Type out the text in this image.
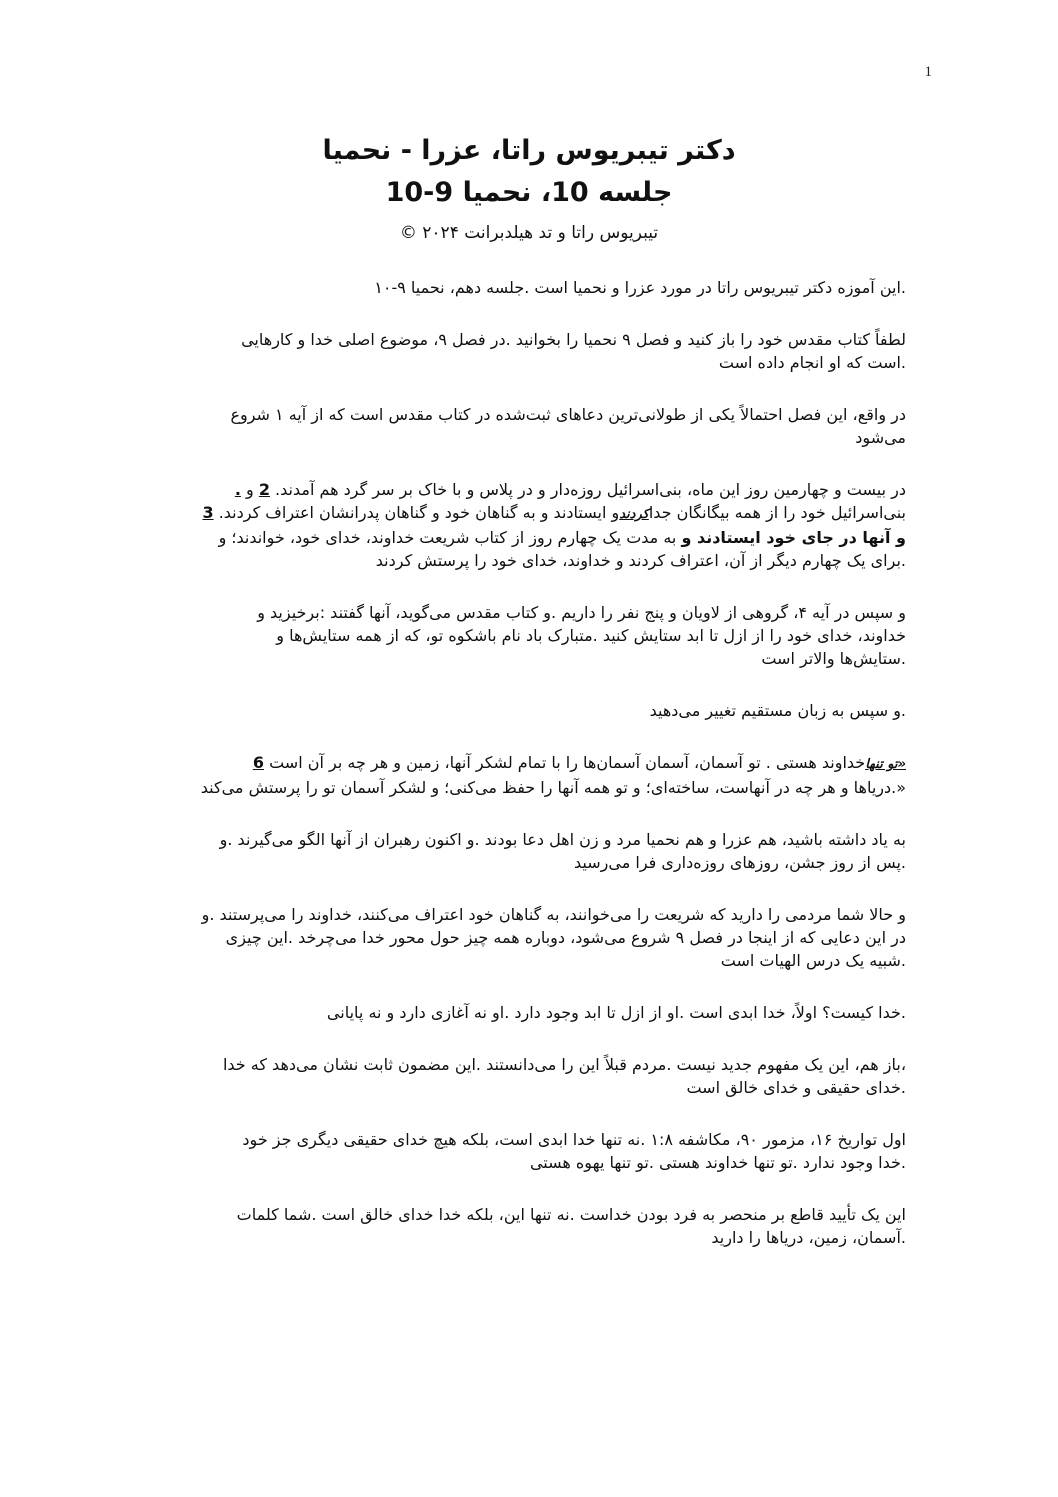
1
دکتر تیبریوس راتا، عزرا - نحمیا
جلسه 10، نحمیا 9-10
تیبریوس راتا و تد هیلدبرانت ۲۰۲۴ ©

.این آموزه دکتر تیبریوس راتا در مورد عزرا و نحمیا است .جلسه دهم، نحمیا ۹-۱۰

لطفاً کتاب مقدس خود را باز کنید و فصل ۹ نحمیا را بخوانید .در فصل ۹، موضوع اصلی خدا و کارهایی
.است که او انجام داده است

در واقع، این فصل احتمالاً یکی از طولانی‌ترین دعاهای ثبت‌شده در کتاب مقدس است که از آیه ۱ شروع
می‌شود

در بیست و چهارمین روز این ماه، بنی‌اسرائیل روزه‌دار و در پلاس و با خاک بر سر گرد هم آمدند. 2 و .
بنی‌اسرائیل خود را از همه بیگانگان جداکردندو ایستادند و به گناهان خود و گناهان پدرانشان اعتراف کردند. 3
و آنها در جای خود ایستادند و به مدت یک چهارم روز از کتاب شریعت خداوند، خدای خود، خواندند؛ و
.برای یک چهارم دیگر از آن، اعتراف کردند و خداوند، خدای خود را پرستش کردند

و سپس در آیه ۴، گروهی از لاویان و پنج نفر را داریم .و کتاب مقدس می‌گوید، آنها گفتند :برخیزید و
خداوند، خدای خود را از ازل تا ابد ستایش کنید .متبارک باد نام باشکوه تو، که از همه ستایش‌ها و
.ستایش‌ها والاتر است

.و سپس به زبان مستقیم تغییر می‌دهید

«تو تنهاخداوند هستی . تو آسمان، آسمان آسمان‌ها را با تمام لشکر آنها، زمین و هر چه بر آن است 6
«.دریاها و هر چه در آنهاست، ساخته‌ای؛ و تو همه آنها را حفظ می‌کنی؛ و لشکر آسمان تو را پرستش می‌کند

به یاد داشته باشید، هم عزرا و هم نحمیا مرد و زن اهل دعا بودند .و اکنون رهبران از آنها الگو می‌گیرند .و
.پس از روز جشن، روزهای روزه‌داری فرا می‌رسید

و حالا شما مردمی را دارید که شریعت را می‌خوانند، به گناهان خود اعتراف می‌کنند، خداوند را می‌پرستند .و
در این دعایی که از اینجا در فصل ۹ شروع می‌شود، دوباره همه چیز حول محور خدا می‌چرخد .این چیزی
.شبیه یک درس الهیات است

.خدا کیست؟ اولاً، خدا ابدی است .او از ازل تا ابد وجود دارد .او نه آغازی دارد و نه پایانی

،باز هم، این یک مفهوم جدید نیست .مردم قبلاً این را می‌دانستند .این مضمون ثابت نشان می‌دهد که خدا
.خدای حقیقی و خدای خالق است

اول تواریخ ۱۶، مزمور ۹۰، مکاشفه ۱:۸ .نه تنها خدا ابدی است، بلکه هیچ خدای حقیقی دیگری جز خود
.خدا وجود ندارد .تو تنها خداوند هستی .تو تنها یهوه هستی

این یک تأیید قاطع بر منحصر به فرد بودن خداست .نه تنها این، بلکه خدا خدای خالق است .شما کلمات
.آسمان، زمین، دریاها را دارید
